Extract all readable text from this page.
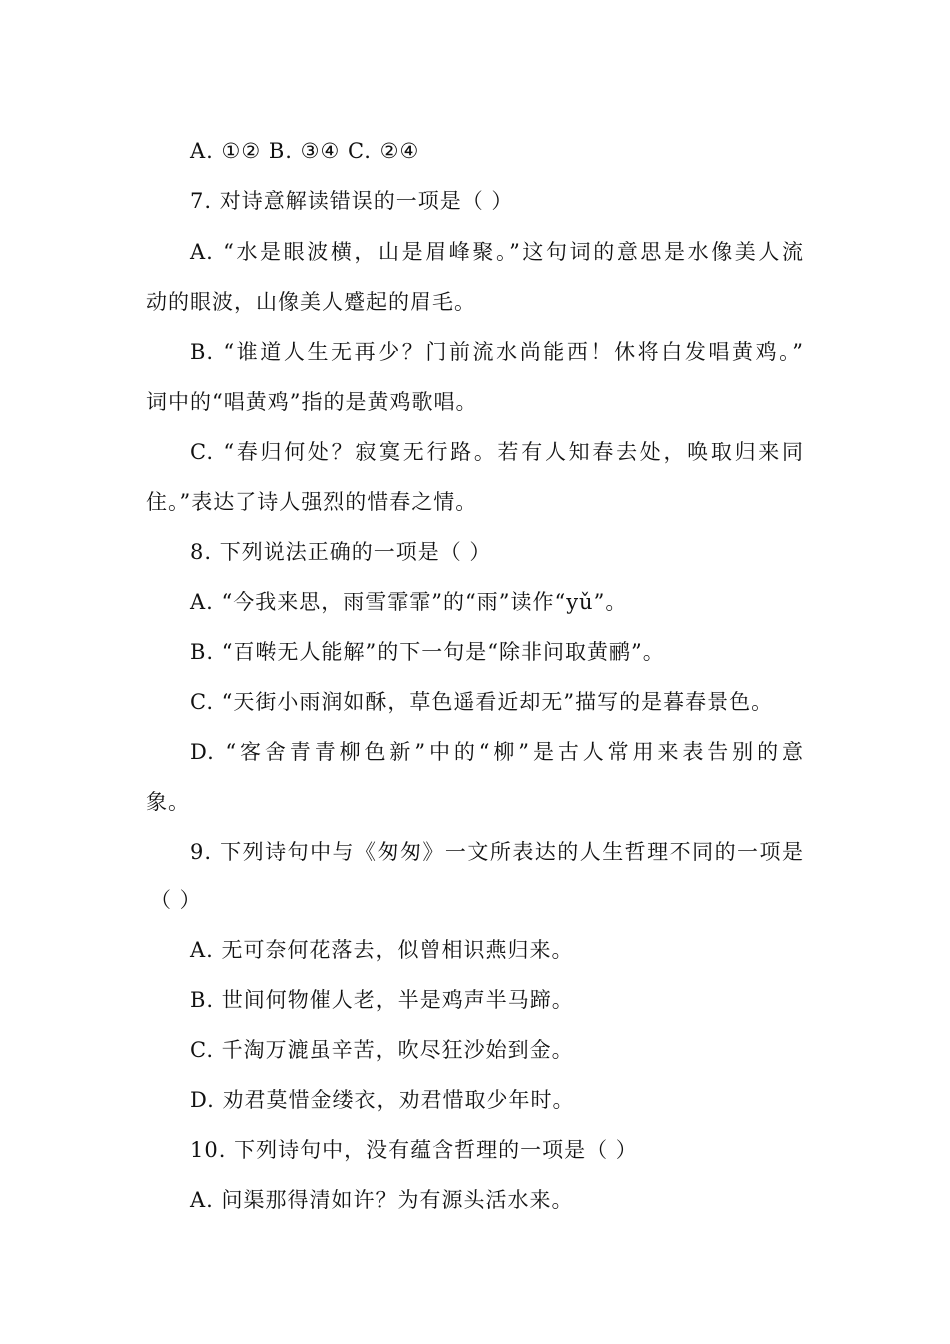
A. ①② B. ③④ C. ②④
7. 对诗意解读错误的一项是（ ）
A. “水是眼波横，山是眉峰聚。”这句词的意思是水像美人流
动的眼波，山像美人蹙起的眉毛。
B. “谁道人生无再少？门前流水尚能西！休将白发唱黄鸡。”
词中的“唱黄鸡”指的是黄鸡歌唱。
C. “春归何处？寂寞无行路。若有人知春去处，唤取归来同
住。”表达了诗人强烈的惜春之情。
8. 下列说法正确的一项是（ ）
A. “今我来思，雨雪霏霏”的“雨”读作“yǔ”。
B. “百啭无人能解”的下一句是“除非问取黄鹂”。
C. “天街小雨润如酥，草色遥看近却无”描写的是暮春景色。
D. “客舍青青柳色新”中的“柳”是古人常用来表告别的意
象。
9. 下列诗句中与《匆匆》一文所表达的人生哲理不同的一项是
（ ）
A. 无可奈何花落去，似曾相识燕归来。
B. 世间何物催人老，半是鸡声半马蹄。
C. 千淘万漉虽辛苦，吹尽狂沙始到金。
D. 劝君莫惜金缕衣，劝君惜取少年时。
10. 下列诗句中，没有蕴含哲理的一项是（ ）
A. 问渠那得清如许？为有源头活水来。
